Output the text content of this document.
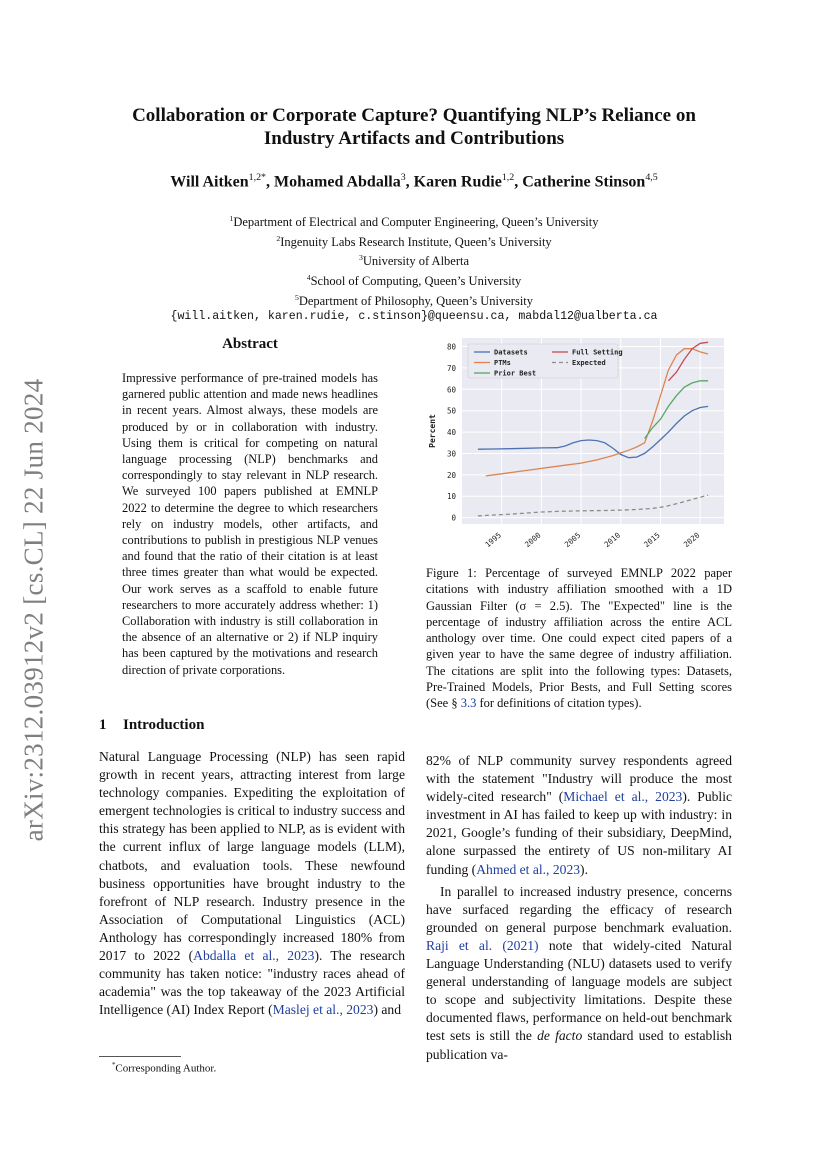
arXiv:2312.03912v2 [cs.CL] 22 Jun 2024
Collaboration or Corporate Capture? Quantifying NLP’s Reliance on
Industry Artifacts and Contributions
Will Aitken$^{1,2*}$, Mohamed Abdalla$^3$, Karen Rudie$^{1,2}$, Catherine Stinson$^{4,5}$
$^1$Department of Electrical and Computer Engineering, Queen’s University
$^2$Ingenuity Labs Research Institute, Queen’s University
$^3$University of Alberta
$^4$School of Computing, Queen’s University
$^5$Department of Philosophy, Queen’s University
{will.aitken, karen.rudie, c.stinson}@queensu.ca, mabdal12@ualberta.ca
Abstract
Impressive performance of pre-trained models has garnered public attention and made news headlines in recent years. Almost always, these models are produced by or in collaboration with industry. Using them is critical for competing on natural language processing (NLP) benchmarks and correspondingly to stay relevant in NLP research. We surveyed 100 papers published at EMNLP 2022 to determine the degree to which researchers rely on industry models, other artifacts, and contributions to publish in prestigious NLP venues and found that the ratio of their citation is at least three times greater than what would be expected. Our work serves as a scaffold to enable future researchers to more accurately address whether: 1) Collaboration with industry is still collaboration in the absence of an alternative or 2) if NLP inquiry has been captured by the motivations and research direction of private corporations.
1 Introduction

Natural Language Processing (NLP) has seen rapid growth in recent years, attracting interest from large technology companies. Expediting the exploitation of emergent technologies is critical to industry success and this strategy has been applied to NLP, as is evident with the current influx of large language models (LLM), chatbots, and evaluation tools. These newfound business opportunities have brought industry to the forefront of NLP research. Industry presence in the Association of Computational Linguistics (ACL) Anthology has correspondingly increased 180% from 2017 to 2022 (Abdalla et al., 2023). The research community has taken notice: "industry races ahead of academia" was the top takeaway of the 2023 Artificial Intelligence (AI) Index Report (Maslej et al., 2023) and

82% of NLP community survey respondents agreed with the statement "Industry will produce the most widely-cited research" (Michael et al., 2023). Public investment in AI has failed to keep up with industry: in 2021, Google’s funding of their subsidiary, DeepMind, alone surpassed the entirety of US non-military AI funding (Ahmed et al., 2023).

In parallel to increased industry presence, concerns have surfaced regarding the efficacy of research grounded on general purpose benchmark evaluation. Raji et al. (2021) note that widely-cited Natural Language Understanding (NLU) datasets used to verify general understanding of language models are subject to scope and subjectivity limitations. Despite these documented flaws, performance on held-out benchmark test sets is still the de facto standard used to establish publication va-

*Corresponding Author.
0
10
20
30
40
50
60
70
80
1995	2000	2005	2010	2015	2020
Percent
Datasets
PTMs
Prior Best
Full Setting
Expected
Figure 1: Percentage of surveyed EMNLP 2022 paper citations with industry affiliation smoothed with a 1D Gaussian Filter (σ = 2.5). The "Expected" line is the percentage of industry affiliation across the entire ACL anthology over time. One could expect cited papers of a given year to have the same degree of industry affiliation. The citations are split into the following types: Datasets, Pre-Trained Models, Prior Bests, and Full Setting scores (See § 3.3 for definitions of citation types).
